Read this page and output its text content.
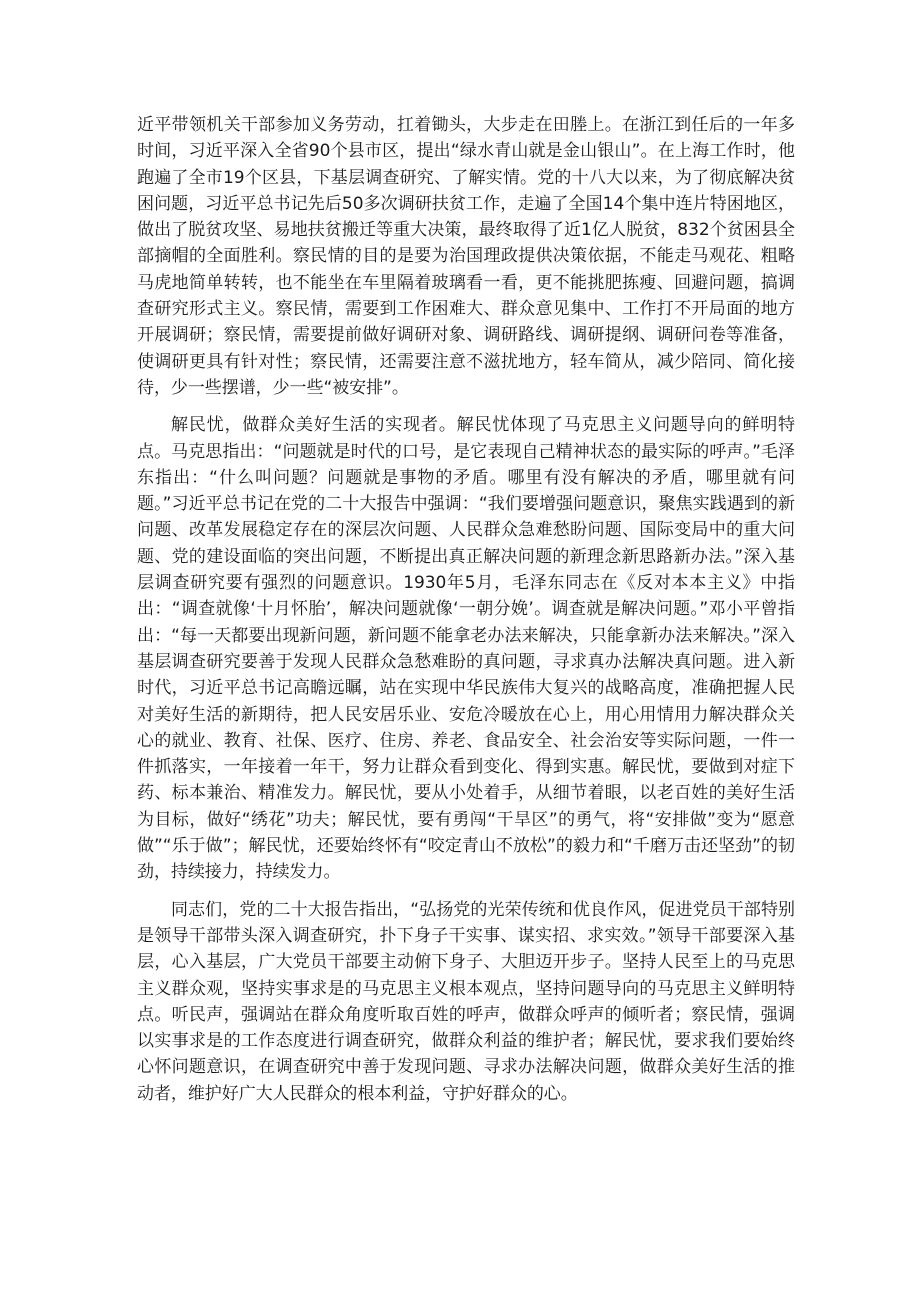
近平带领机关干部参加义务劳动，扛着锄头，大步走在田塍上。在浙江到任后的一年多时间，习近平深入全省90个县市区，提出“绿水青山就是金山银山”。在上海工作时，他跑遍了全市19个区县，下基层调查研究、了解实情。党的十八大以来，为了彻底解决贫困问题，习近平总书记先后50多次调研扶贫工作，走遍了全国14个集中连片特困地区，做出了脱贫攻坚、易地扶贫搬迁等重大决策，最终取得了近1亿人脱贫，832个贫困县全部摘帽的全面胜利。察民情的目的是要为治国理政提供决策依据，不能走马观花、粗略马虎地简单转转，也不能坐在车里隔着玻璃看一看，更不能挑肥拣瘦、回避问题，搞调查研究形式主义。察民情，需要到工作困难大、群众意见集中、工作打不开局面的地方开展调研；察民情，需要提前做好调研对象、调研路线、调研提纲、调研问卷等准备，使调研更具有针对性；察民情，还需要注意不滋扰地方，轻车简从，减少陪同、简化接待，少一些摆谱，少一些“被安排”。

解民忧，做群众美好生活的实现者。解民忧体现了马克思主义问题导向的鲜明特点。马克思指出：“问题就是时代的口号，是它表现自己精神状态的最实际的呼声。”毛泽东指出：“什么叫问题？问题就是事物的矛盾。哪里有没有解决的矛盾，哪里就有问题。”习近平总书记在党的二十大报告中强调：“我们要增强问题意识，聚焦实践遇到的新问题、改革发展稳定存在的深层次问题、人民群众急难愁盼问题、国际变局中的重大问题、党的建设面临的突出问题，不断提出真正解决问题的新理念新思路新办法。”深入基层调查研究要有强烈的问题意识。1930年5月，毛泽东同志在《反对本本主义》中指出：“调查就像‘十月怀胎’，解决问题就像‘一朝分娩’。调查就是解决问题。”邓小平曾指出：“每一天都要出现新问题，新问题不能拿老办法来解决，只能拿新办法来解决。”深入基层调查研究要善于发现人民群众急愁难盼的真问题，寻求真办法解决真问题。进入新时代，习近平总书记高瞻远瞩，站在实现中华民族伟大复兴的战略高度，准确把握人民对美好生活的新期待，把人民安居乐业、安危冷暖放在心上，用心用情用力解决群众关心的就业、教育、社保、医疗、住房、养老、食品安全、社会治安等实际问题，一件一件抓落实，一年接着一年干，努力让群众看到变化、得到实惠。解民忧，要做到对症下药、标本兼治、精准发力。解民忧，要从小处着手，从细节着眼，以老百姓的美好生活为目标，做好“绣花”功夫；解民忧，要有勇闯“干旱区”的勇气，将“安排做”变为“愿意做”“乐于做”；解民忧，还要始终怀有“咬定青山不放松”的毅力和“千磨万击还坚劲”的韧劲，持续接力，持续发力。

同志们，党的二十大报告指出，“弘扬党的光荣传统和优良作风，促进党员干部特别是领导干部带头深入调查研究，扑下身子干实事、谋实招、求实效。”领导干部要深入基层，心入基层，广大党员干部要主动俯下身子、大胆迈开步子。坚持人民至上的马克思主义群众观，坚持实事求是的马克思主义根本观点，坚持问题导向的马克思主义鲜明特点。听民声，强调站在群众角度听取百姓的呼声，做群众呼声的倾听者；察民情，强调以实事求是的工作态度进行调查研究，做群众利益的维护者；解民忧，要求我们要始终心怀问题意识，在调查研究中善于发现问题、寻求办法解决问题，做群众美好生活的推动者，维护好广大人民群众的根本利益，守护好群众的心。
